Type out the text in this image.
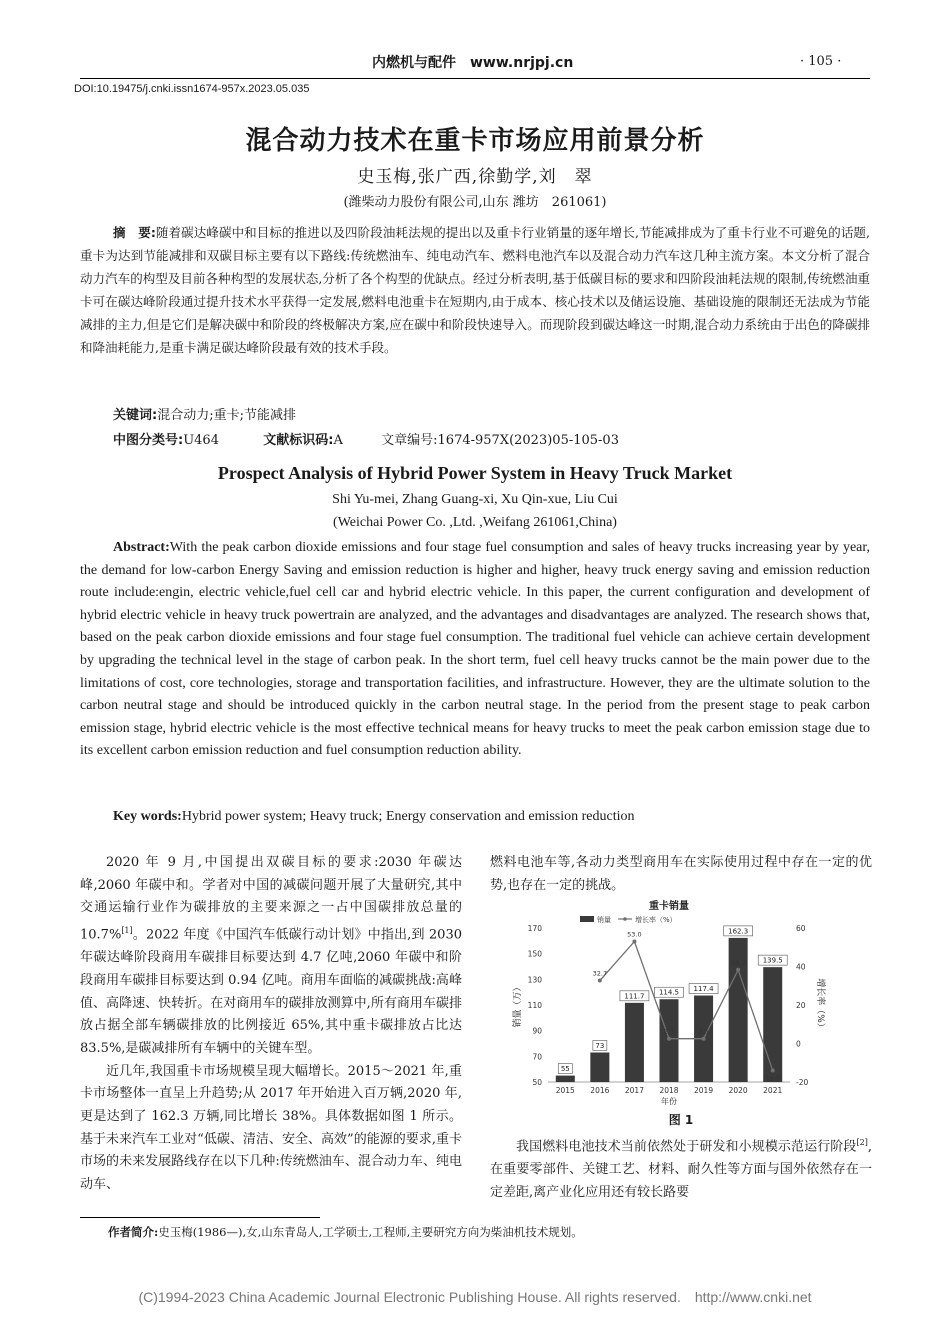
内燃机与配件　www.nrjpj.cn	· 105 ·
DOI:10.19475/j.cnki.issn1674-957x.2023.05.035
混合动力技术在重卡市场应用前景分析
史玉梅,张广西,徐勤学,刘　翠
(潍柴动力股份有限公司,山东 潍坊　261061)
摘　要:随着碳达峰碳中和目标的推进以及四阶段油耗法规的提出以及重卡行业销量的逐年增长,节能减排成为了重卡行业不可避免的话题,重卡为达到节能减排和双碳目标主要有以下路线:传统燃油车、纯电动汽车、燃料电池汽车以及混合动力汽车这几种主流方案。本文分析了混合动力汽车的构型及目前各种构型的发展状态,分析了各个构型的优缺点。经过分析表明,基于低碳目标的要求和四阶段油耗法规的限制,传统燃油重卡可在碳达峰阶段通过提升技术水平获得一定发展,燃料电池重卡在短期内,由于成本、核心技术以及储运设施、基础设施的限制还无法成为节能减排的主力,但是它们是解决碳中和阶段的终极解决方案,应在碳中和阶段快速导入。而现阶段到碳达峰这一时期,混合动力系统由于出色的降碳排和降油耗能力,是重卡满足碳达峰阶段最有效的技术手段。
关键词:混合动力;重卡;节能减排
中图分类号:U464	文献标识码:A	文章编号:1674-957X(2023)05-105-03
Prospect Analysis of Hybrid Power System in Heavy Truck Market
Shi Yu-mei, Zhang Guang-xi, Xu Qin-xue, Liu Cui
(Weichai Power Co. ,Ltd. ,Weifang 261061,China)
Abstract:With the peak carbon dioxide emissions and four stage fuel consumption and sales of heavy trucks increasing year by year, the demand for low-carbon Energy Saving and emission reduction is higher and higher, heavy truck energy saving and emission reduction route include:engin, electric vehicle,fuel cell car and hybrid electric vehicle. In this paper, the current configuration and development of hybrid electric vehicle in heavy truck powertrain are analyzed, and the advantages and disadvantages are analyzed. The research shows that, based on the peak carbon dioxide emissions and four stage fuel consumption. The traditional fuel vehicle can achieve certain development by upgrading the technical level in the stage of carbon peak. In the short term, fuel cell heavy trucks cannot be the main power due to the limitations of cost, core technologies, storage and transportation facilities, and infrastructure. However, they are the ultimate solution to the carbon neutral stage and should be introduced quickly in the carbon neutral stage. In the period from the present stage to peak carbon emission stage, hybrid electric vehicle is the most effective technical means for heavy trucks to meet the peak carbon emission stage due to its excellent carbon emission reduction and fuel consumption reduction ability.
Key words:Hybrid power system; Heavy truck; Energy conservation and emission reduction

2020 年 9 月,中国提出双碳目标的要求:2030 年碳达峰,2060 年碳中和。学者对中国的减碳问题开展了大量研究,其中交通运输行业作为碳排放的主要来源之一占中国碳排放总量的 10.7%[1]。2022 年度《中国汽车低碳行动计划》中指出,到 2030 年碳达峰阶段商用车碳排目标要达到 4.7 亿吨,2060 年碳中和阶段商用车碳排目标要达到 0.94 亿吨。商用车面临的减碳挑战:高峰值、高降速、快转折。在对商用车的碳排放测算中,所有商用车碳排放占据全部车辆碳排放的比例接近 65%,其中重卡碳排放占比达 83.5%,是碳减排所有车辆中的关键车型。

近几年,我国重卡市场规模呈现大幅增长。2015～2021 年,重卡市场整体一直呈上升趋势;从 2017 年开始进入百万辆,2020 年,更是达到了 162.3 万辆,同比增长 38%。具体数据如图 1 所示。基于未来汽车工业对“低碳、清洁、安全、高效”的能源的要求,重卡市场的未来发展路线存在以下几种:传统燃油车、混合动力车、纯电动车、

燃料电池车等,各动力类型商用车在实际使用过程中存在一定的优势,也存在一定的挑战。

重卡销量
销量	增长率（%）
50
70
90
110
130
150
170
-20
0
20
40
60
销量（万）	增长率（%）
年份
55
73
111.7 114.5 117.4
162.3
139.5
2015 2016 2017 2018 2019 2020 2021
32.7
53.0
2.5	2.5
38.3
(14.0)
图 1

我国燃料电池技术当前依然处于研发和小规模示范运行阶段[2],在重要零部件、关键工艺、材料、耐久性等方面与国外依然存在一定差距,离产业化应用还有较长路要

作者简介:史玉梅(1986—),女,山东青岛人,工学硕士,工程师,主要研究方向为柴油机技术规划。
(C)1994-2023 China Academic Journal Electronic Publishing House. All rights reserved.　http://www.cnki.net
